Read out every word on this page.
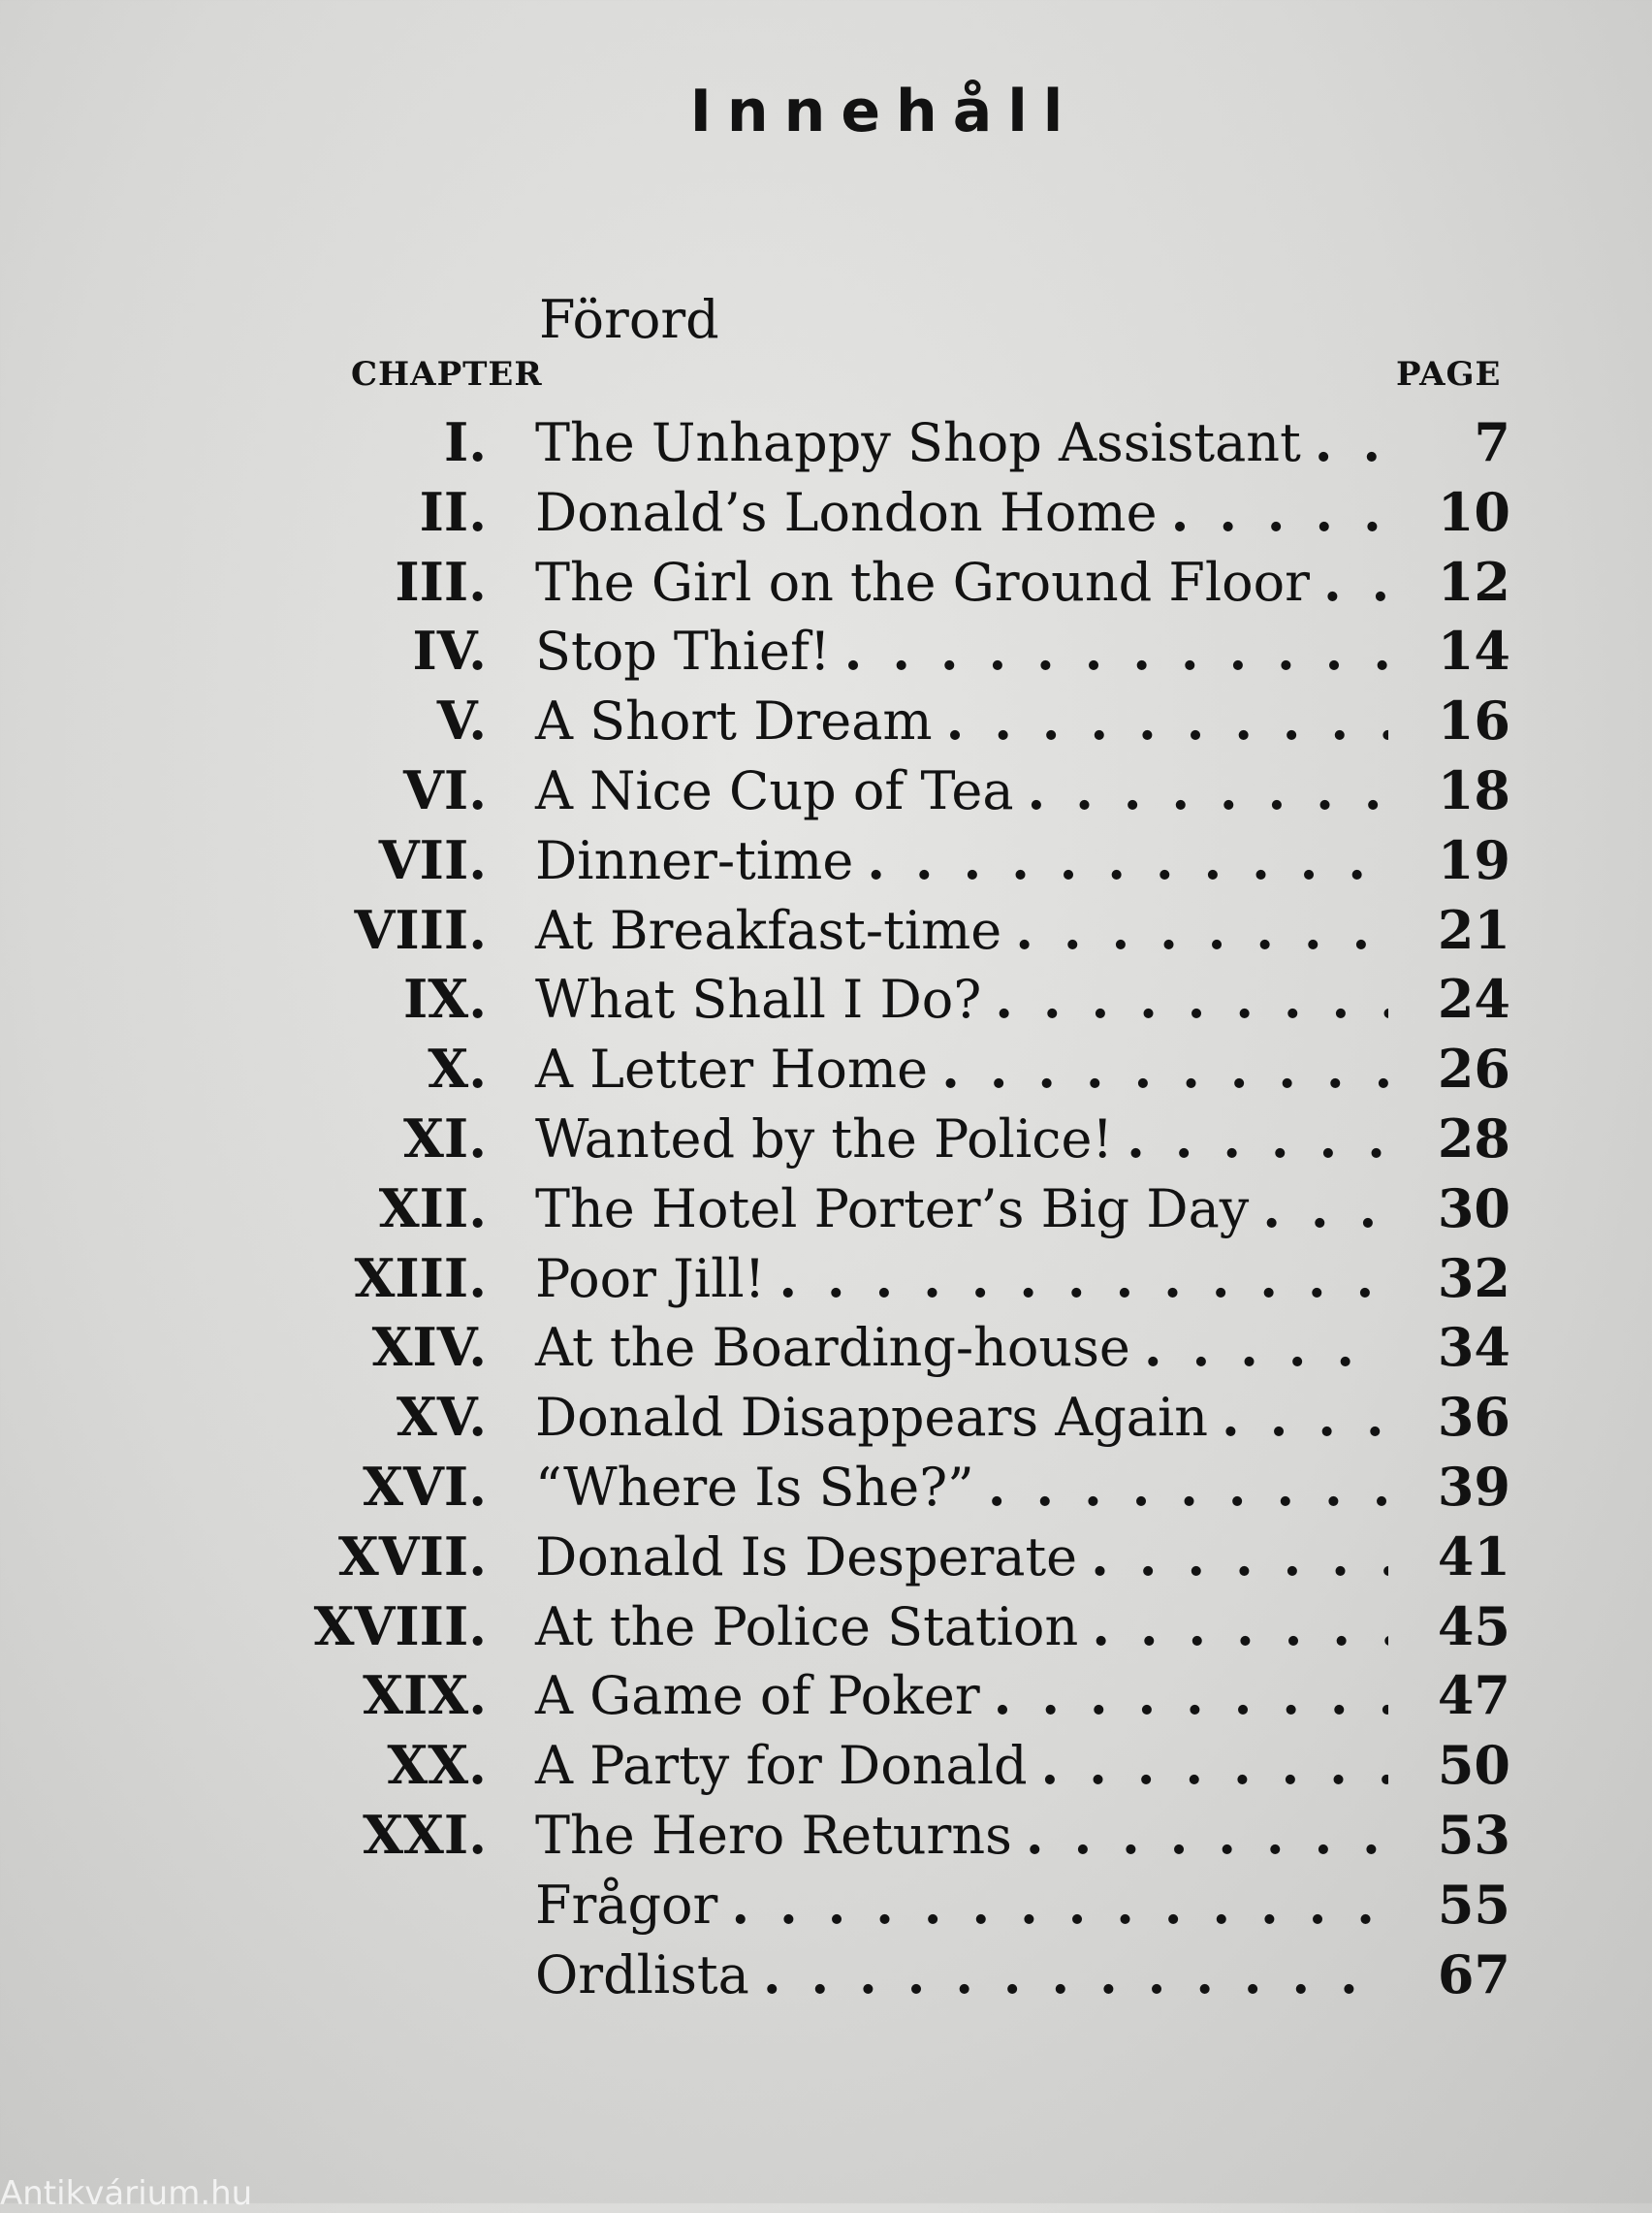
Innehåll
Förord
CHAPTER	PAGE
I. The Unhappy Shop Assistant . . .	7
II. Donald’s London Home . . .	10
III. The Girl on the Ground Floor . . . 12
IV. Stop Thief! . . .	14
V. A Short Dream . . .	16
VI. A Nice Cup of Tea . . .	18
VII. Dinner-time . . .	19
VIII. At Breakfast-time . . .	21
IX. What Shall I Do? . . .	24
X. A Letter Home . . .	26
XI. Wanted by the Police! . . .	28
XII. The Hotel Porter’s Big Day . . .	30
XIII. Poor Jill! . . .	32
XIV. At the Boarding-house . . .	34
XV. Donald Disappears Again . . .	36
XVI. “Where Is She?” . . .	39
XVII. Donald Is Desperate . . .	41
XVIII. At the Police Station . . .	45
XIX. A Game of Poker . . .	47
XX. A Party for Donald . . .	50
XXI. The Hero Returns . . .	53
Frågor . . .	55
Ordlista . . .	67
Antikvárium.hu
